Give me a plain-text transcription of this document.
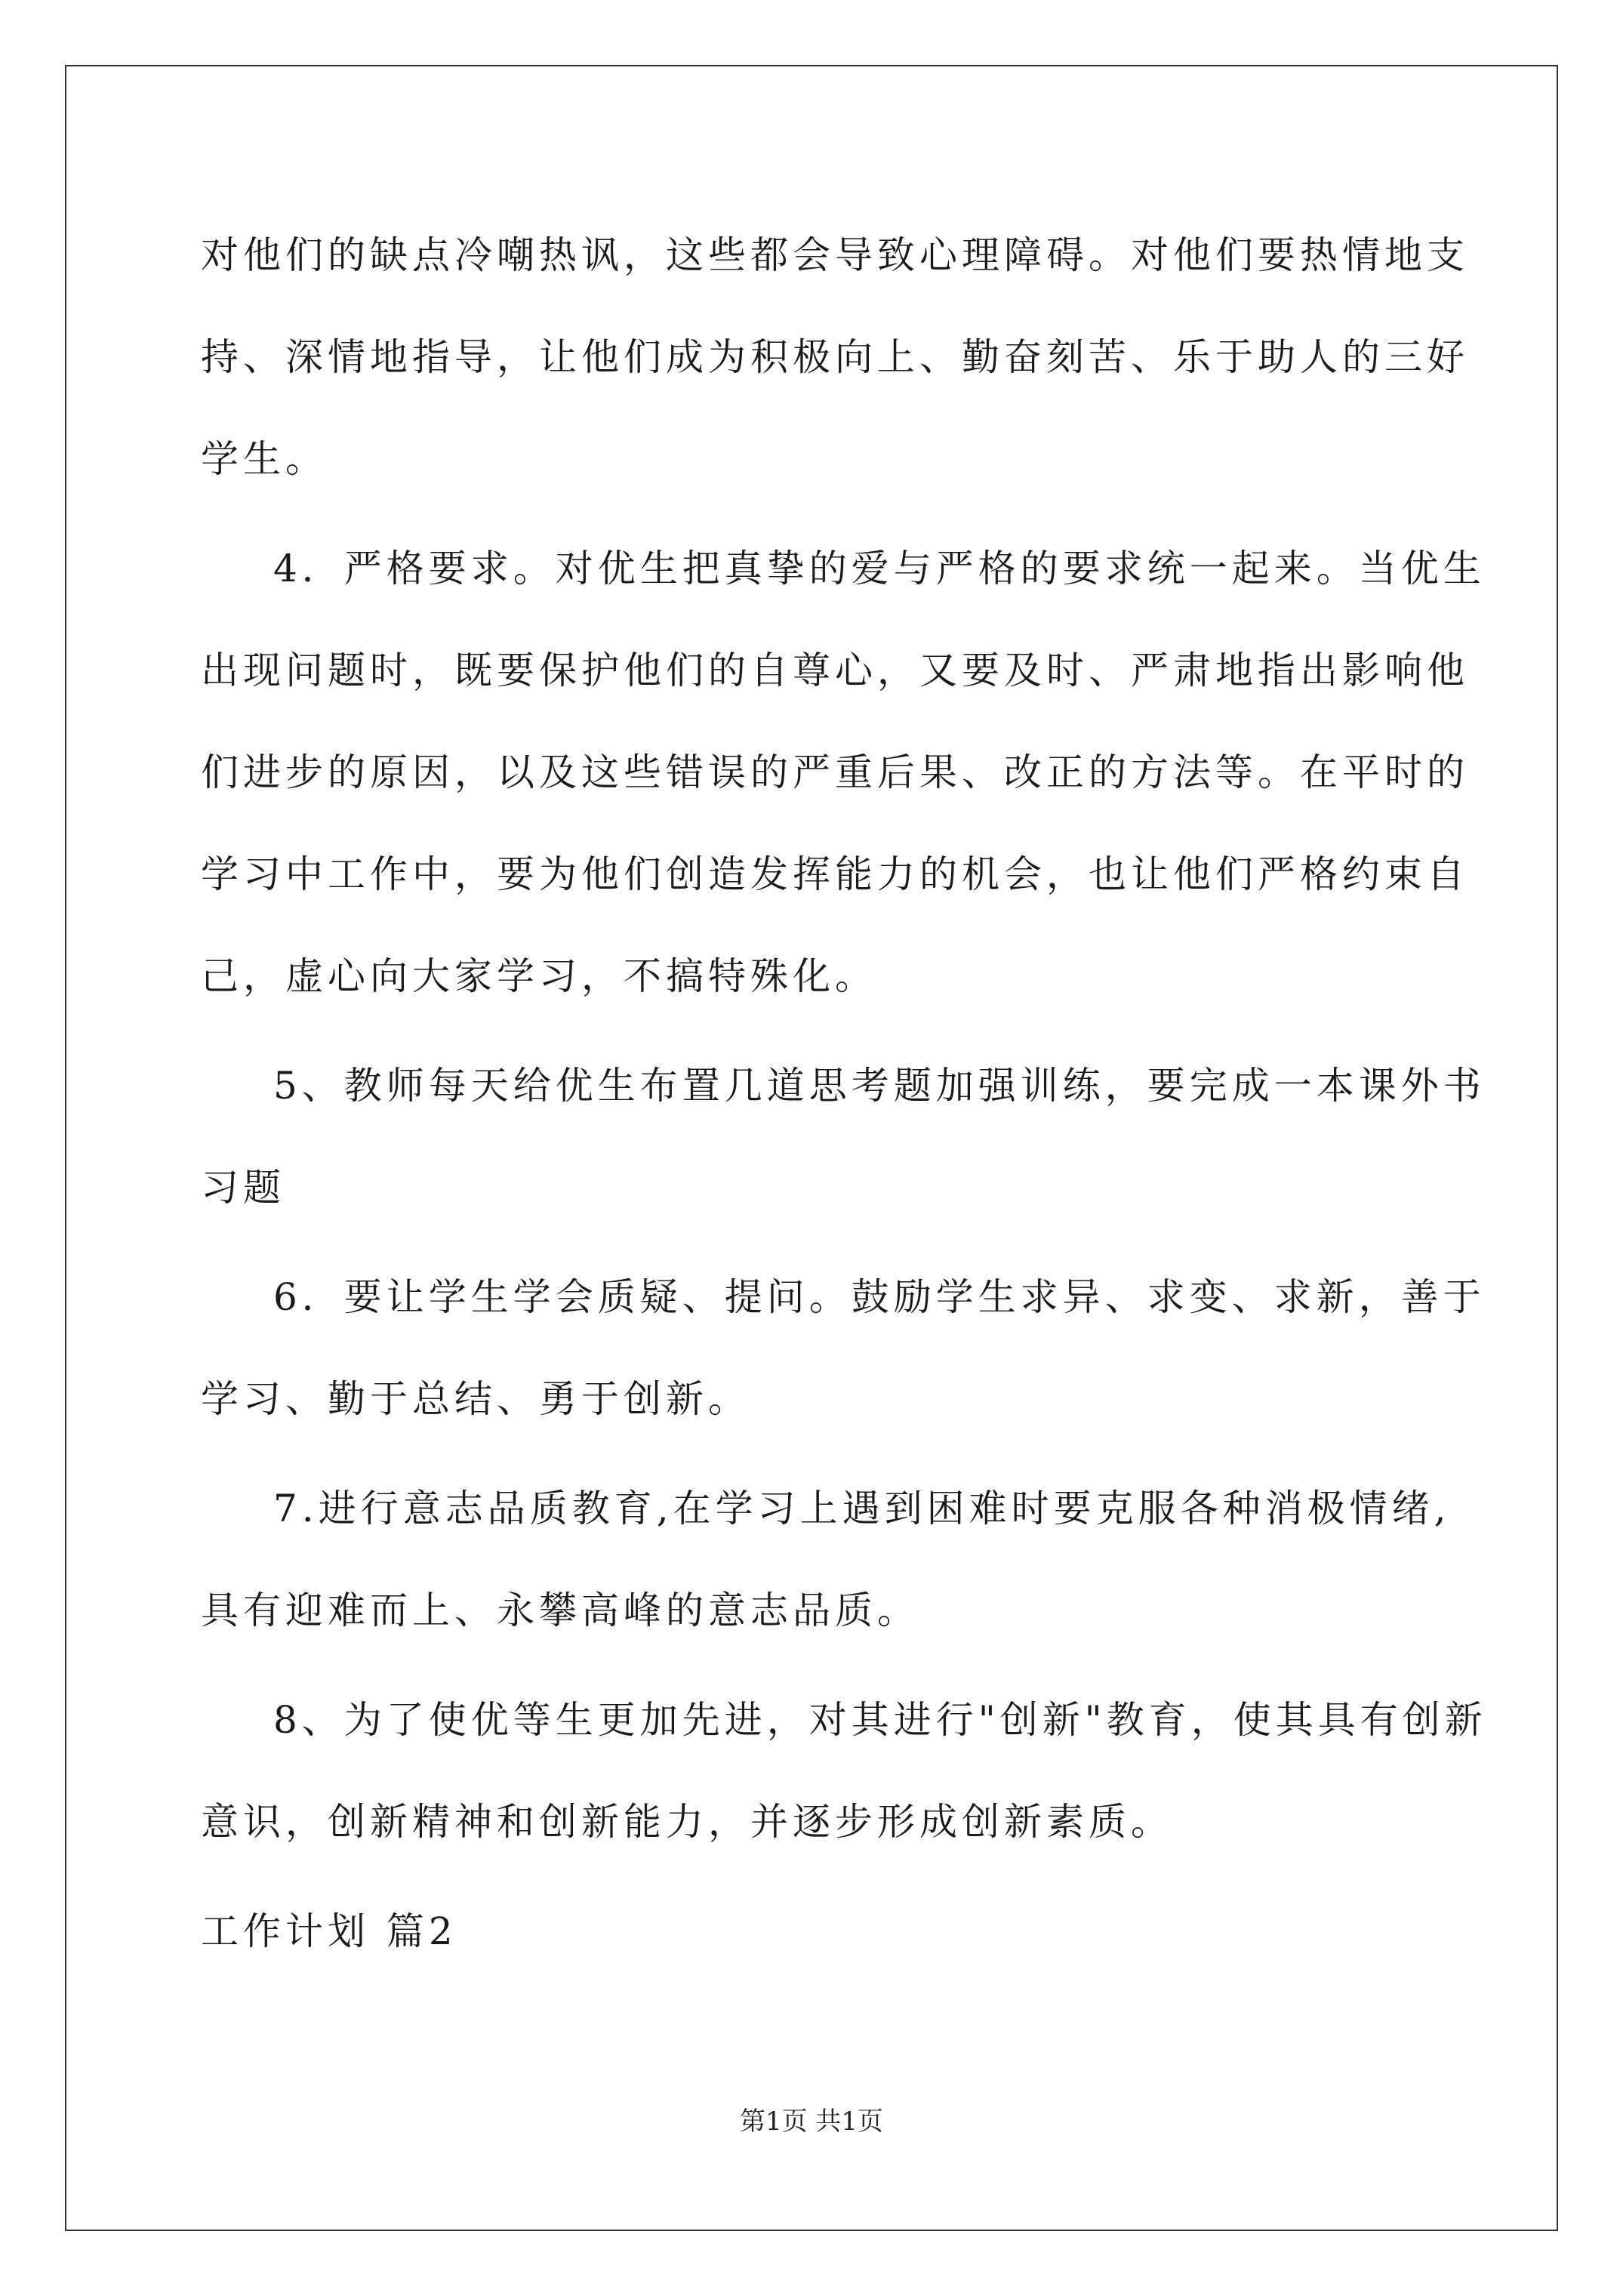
对他们的缺点冷嘲热讽，这些都会导致心理障碍。对他们要热情地支
持、深情地指导，让他们成为积极向上、勤奋刻苦、乐于助人的三好
学生。
4．严格要求。对优生把真挚的爱与严格的要求统一起来。当优生
出现问题时，既要保护他们的自尊心，又要及时、严肃地指出影响他
们进步的原因，以及这些错误的严重后果、改正的方法等。在平时的
学习中工作中，要为他们创造发挥能力的机会，也让他们严格约束自
己，虚心向大家学习，不搞特殊化。
5、教师每天给优生布置几道思考题加强训练，要完成一本课外书
习题
6．要让学生学会质疑、提问。鼓励学生求异、求变、求新，善于
学习、勤于总结、勇于创新。
7.进行意志品质教育,在学习上遇到困难时要克服各种消极情绪,
具有迎难而上、永攀高峰的意志品质。
8、为了使优等生更加先进，对其进行"创新"教育，使其具有创新
意识，创新精神和创新能力，并逐步形成创新素质。
工作计划 篇2
第1页 共1页
